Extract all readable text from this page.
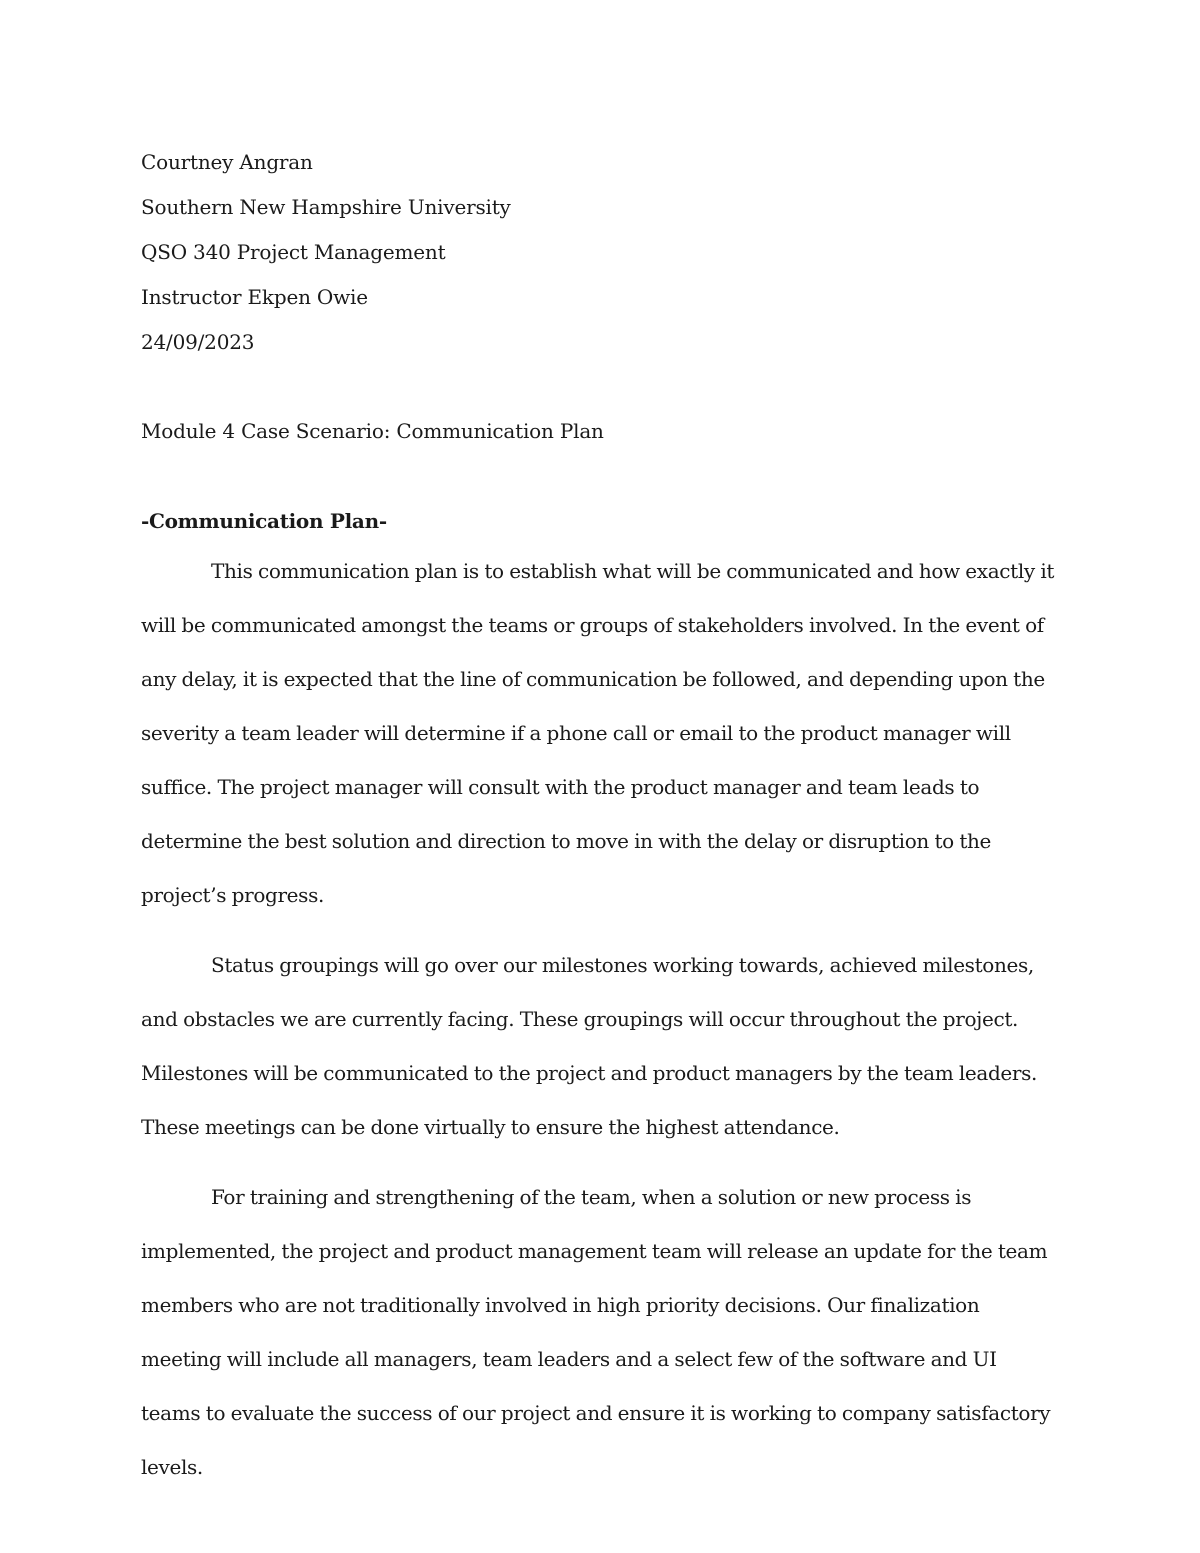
Courtney Angran
Southern New Hampshire University
QSO 340 Project Management
Instructor Ekpen Owie
24/09/2023
Module 4 Case Scenario: Communication Plan
-Communication Plan-

This communication plan is to establish what will be communicated and how exactly it will be communicated amongst the teams or groups of stakeholders involved. In the event of any delay, it is expected that the line of communication be followed, and depending upon the severity a team leader will determine if a phone call or email to the product manager will suffice. The project manager will consult with the product manager and team leads to determine the best solution and direction to move in with the delay or disruption to the project’s progress.

Status groupings will go over our milestones working towards, achieved milestones, and obstacles we are currently facing. These groupings will occur throughout the project. Milestones will be communicated to the project and product managers by the team leaders. These meetings can be done virtually to ensure the highest attendance.

For training and strengthening of the team, when a solution or new process is implemented, the project and product management team will release an update for the team members who are not traditionally involved in high priority decisions. Our finalization meeting will include all managers, team leaders and a select few of the software and UI teams to evaluate the success of our project and ensure it is working to company satisfactory levels.
